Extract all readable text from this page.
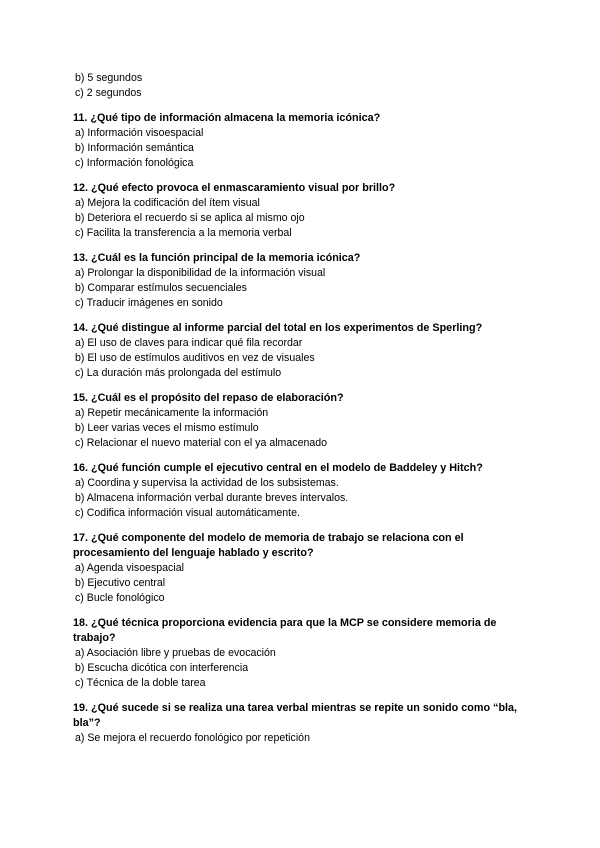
b) 5 segundos
c) 2 segundos
11. ¿Qué tipo de información almacena la memoria icónica?
a) Información visoespacial
b) Información semántica
c) Información fonológica
12. ¿Qué efecto provoca el enmascaramiento visual por brillo?
a) Mejora la codificación del ítem visual
b) Deteriora el recuerdo si se aplica al mismo ojo
c) Facilita la transferencia a la memoria verbal
13. ¿Cuál es la función principal de la memoria icónica?
a) Prolongar la disponibilidad de la información visual
b) Comparar estímulos secuenciales
c) Traducir imágenes en sonido
14. ¿Qué distingue al informe parcial del total en los experimentos de Sperling?
a) El uso de claves para indicar qué fila recordar
b) El uso de estímulos auditivos en vez de visuales
c) La duración más prolongada del estímulo
15. ¿Cuál es el propósito del repaso de elaboración?
a) Repetir mecánicamente la información
b) Leer varias veces el mismo estímulo
c) Relacionar el nuevo material con el ya almacenado
16. ¿Qué función cumple el ejecutivo central en el modelo de Baddeley y Hitch?
a) Coordina y supervisa la actividad de los subsistemas.
b) Almacena información verbal durante breves intervalos.
c) Codifica información visual automáticamente.
17. ¿Qué componente del modelo de memoria de trabajo se relaciona con el procesamiento del lenguaje hablado y escrito?
a) Agenda visoespacial
b) Ejecutivo central
c) Bucle fonológico
18. ¿Qué técnica proporciona evidencia para que la MCP se considere memoria de trabajo?
a) Asociación libre y pruebas de evocación
b) Escucha dicótica con interferencia
c) Técnica de la doble tarea
19. ¿Qué sucede si se realiza una tarea verbal mientras se repite un sonido como “bla, bla”?
a) Se mejora el recuerdo fonológico por repetición
